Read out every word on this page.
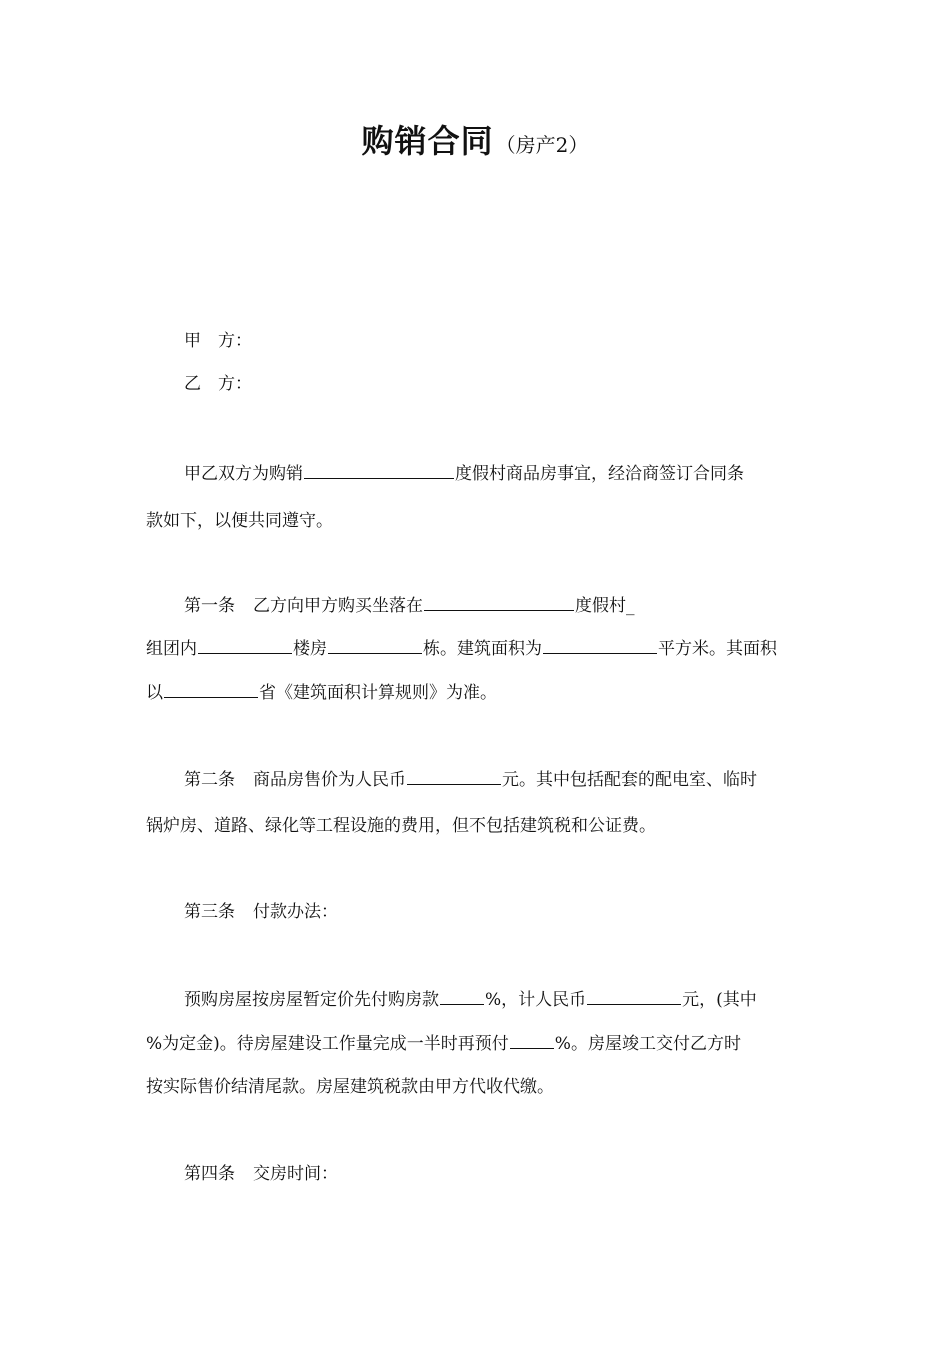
购销合同 （房产2）
甲　方：
乙　方：
甲乙双方为购销	度假村商品房事宜，经洽商签订合同条
款如下，以便共同遵守。
第一条 乙方向甲方购买坐落在	度假村_
组团内	楼房	栋。建筑面积为	平方米。其面积
以	省《建筑面积计算规则》为准。
第二条 商品房售价为人民币	元。其中包括配套的配电室、临时
锅炉房、道路、绿化等工程设施的费用，但不包括建筑税和公证费。
第三条 付款办法：
预购房屋按房屋暂定价先付购房款	%，计人民币	元，(其中
%为定金)。待房屋建设工作量完成一半时再预付	%。房屋竣工交付乙方时
按实际售价结清尾款。房屋建筑税款由甲方代收代缴。
第四条 交房时间：
